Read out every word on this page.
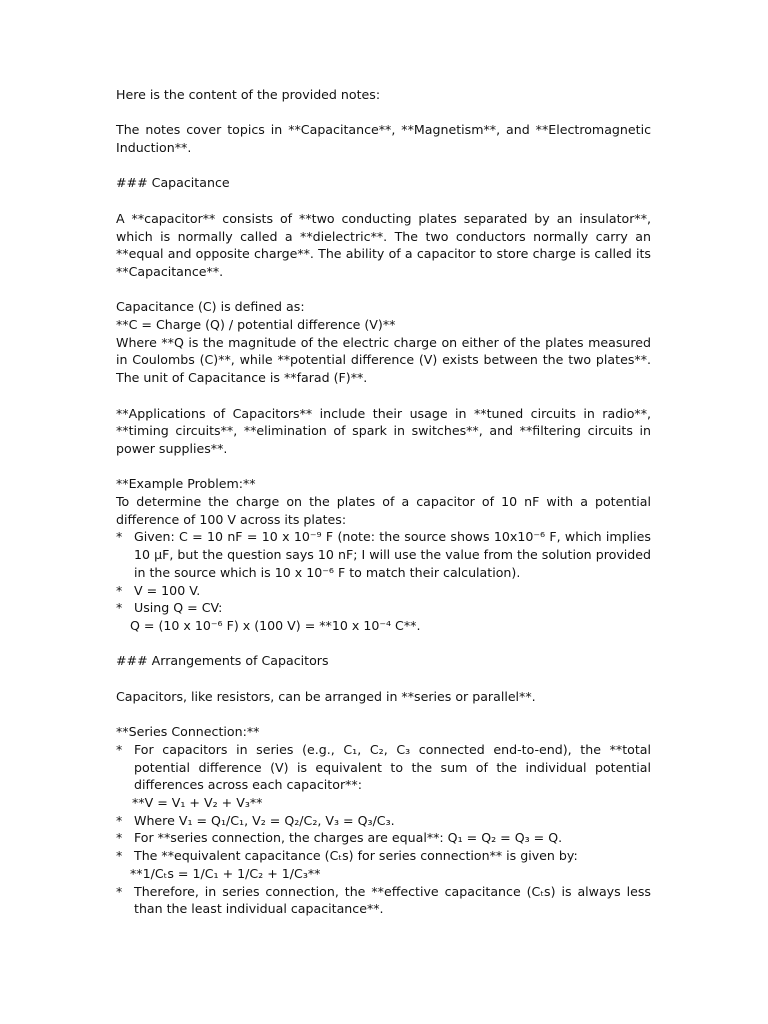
Here is the content of the provided notes:

The notes cover topics in **Capacitance**, **Magnetism**, and **Electromagnetic Induction**.

### Capacitance

A **capacitor** consists of **two conducting plates separated by an insulator**, which is normally called a **dielectric**. The two conductors normally carry an **equal and opposite charge**. The ability of a capacitor to store charge is called its **Capacitance**.

Capacitance (C) is defined as:

**C = Charge (Q) / potential difference (V)**

Where **Q is the magnitude of the electric charge on either of the plates measured in Coulombs (C)**, while **potential difference (V) exists between the two plates**. The unit of Capacitance is **farad (F)**.

**Applications of Capacitors** include their usage in **tuned circuits in radio**, **timing circuits**, **elimination of spark in switches**, and **filtering circuits in power supplies**.

**Example Problem:**

To determine the charge on the plates of a capacitor of 10 nF with a potential difference of 100 V across its plates:

* Given: C = 10 nF = 10 x 10⁻⁹ F (note: the source shows 10x10⁻⁶ F, which implies 10 μF, but the question says 10 nF; I will use the value from the solution provided in the source which is 10 x 10⁻⁶ F to match their calculation).
* V = 100 V.
* Using Q = CV:

Q = (10 x 10⁻⁶ F) x (100 V) = **10 x 10⁻⁴ C**.

### Arrangements of Capacitors

Capacitors, like resistors, can be arranged in **series or parallel**.

**Series Connection:**

* For capacitors in series (e.g., C₁, C₂, C₃ connected end-to-end), the **total potential difference (V) is equivalent to the sum of the individual potential differences across each capacitor**:

**V = V₁ + V₂ + V₃**

* Where V₁ = Q₁/C₁, V₂ = Q₂/C₂, V₃ = Q₃/C₃.
* For **series connection, the charges are equal**: Q₁ = Q₂ = Q₃ = Q.
* The **equivalent capacitance (Cₜs) for series connection** is given by:

**1/Cₜs = 1/C₁ + 1/C₂ + 1/C₃**

* Therefore, in series connection, the **effective capacitance (Cₜs) is always less than the least individual capacitance**.
